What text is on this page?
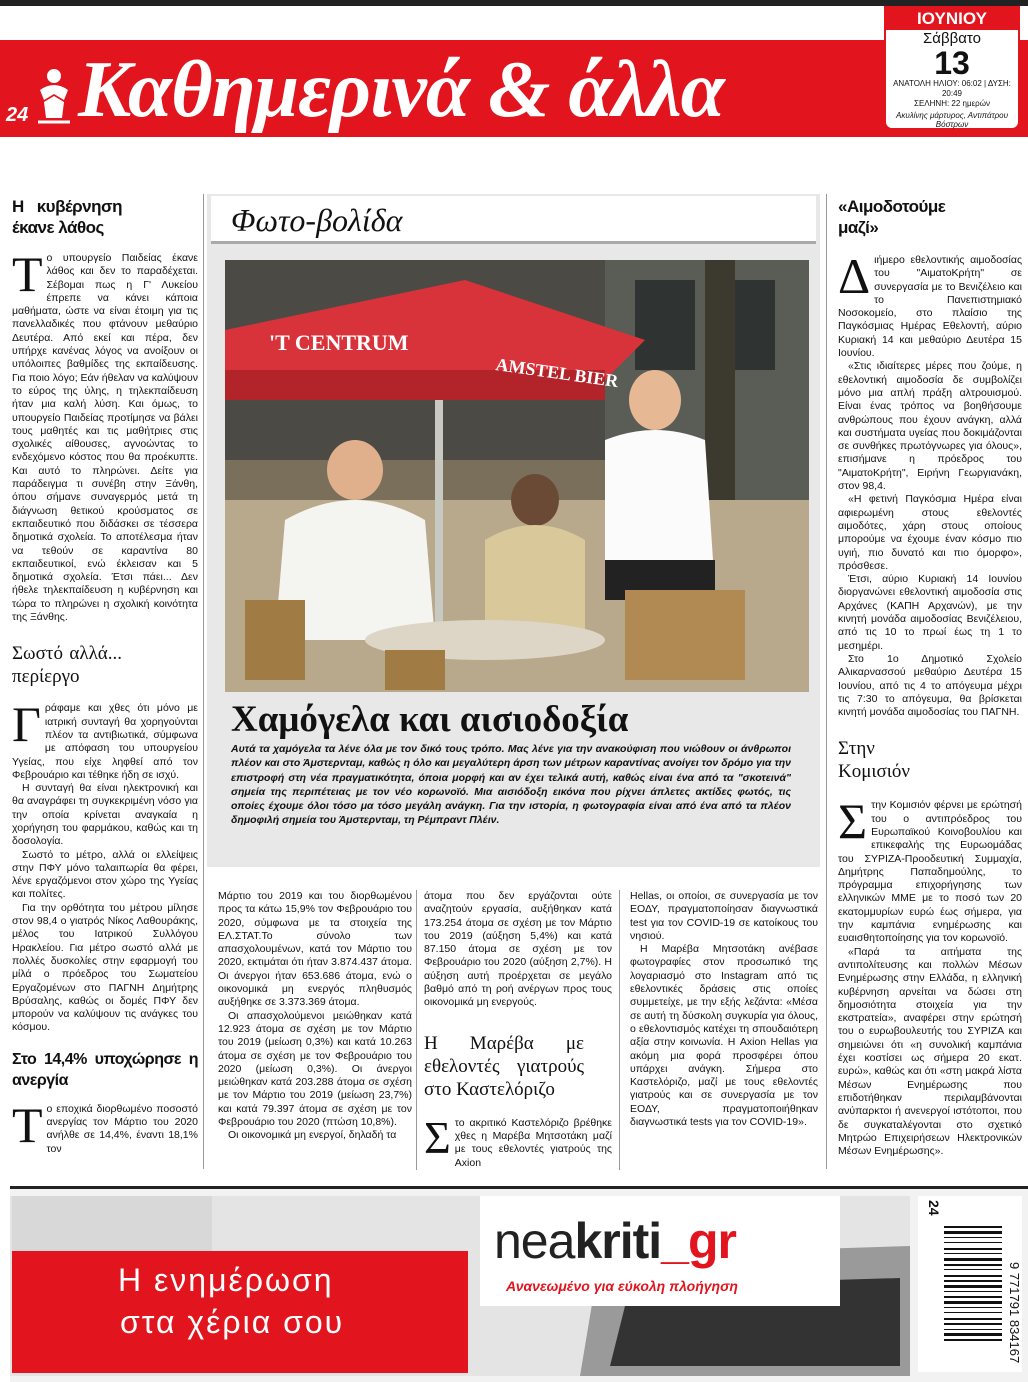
24 Καθημερινά & άλλα
ΙΟΥΝΙΟΥ
Σάββατο
13
ΑΝΑΤΟΛΗ ΗΛΙΟΥ: 06:02 | ΔΥΣΗ: 20:49
ΣΕΛΗΝΗ: 22 ημερών
Ακυλίνης μάρτυρος, Αντιπάτρου Βόστρων
Η κυβέρνηση έκανε λάθος
Τ ο υπουργείο Παιδείας έκανε λάθος και δεν το παραδέχεται. Σέβομαι πως η Γ' Λυκείου έπρεπε να κάνει κάποια μαθήματα, ώστε να είναι έτοιμη για τις πανελλαδικές που φτάνουν μεθαύριο Δευτέρα. Από εκεί και πέρα, δεν υπήρχε κανένας λόγος να ανοίξουν οι υπόλοιπες βαθμίδες της εκπαίδευσης. Για ποιο λόγο; Εάν ήθελαν να καλύψουν το εύρος της ύλης, η τηλεκπαίδευση ήταν μια καλή λύση. Και όμως, το υπουργείο Παιδείας προτίμησε να βάλει τους μαθητές και τις μαθήτριες στις σχολικές αίθουσες, αγνοώντας το ενδεχόμενο κόστος που θα προέκυπτε. Και αυτό το πληρώνει. Δείτε για παράδειγμα τι συνέβη στην Ξάνθη, όπου σήμανε συναγερμός μετά τη διάγνωση θετικού κρούσματος σε εκπαιδευτικό που διδάσκει σε τέσσερα δημοτικά σχολεία. Το αποτέλεσμα ήταν να τεθούν σε καραντίνα 80 εκπαιδευτικοί, ενώ έκλεισαν και 5 δημοτικά σχολεία. Έτσι πάει... Δεν ήθελε τηλεκπαίδευση η κυβέρνηση και τώρα το πληρώνει η σχολική κοινότητα της Ξάνθης.
Σωστό αλλά... περίεργο
Γ ράφαμε και χθες ότι μόνο με ιατρική συνταγή θα χορηγούνται πλέον τα αντιβιωτικά, σύμφωνα με απόφαση του υπουργείου Υγείας, που είχε ληφθεί από τον Φεβρουάριο και τέθηκε ήδη σε ισχύ.

Η συνταγή θα είναι ηλεκτρονική και θα αναγράφει τη συγκεκριμένη νόσο για την οποία κρίνεται αναγκαία η χορήγηση του φαρμάκου, καθώς και τη δοσολογία.

Σωστό το μέτρο, αλλά οι ελλείψεις στην ΠΦΥ μόνο ταλαιπωρία θα φέρει, λένε εργαζόμενοι στον χώρο της Υγείας και πολίτες.

Για την ορθότητα του μέτρου μίλησε στον 98,4 ο γιατρός Νίκος Λαθουράκης, μέλος του Ιατρικού Συλλόγου Ηρακλείου. Για μέτρο σωστό αλλά με πολλές δυσκολίες στην εφαρμογή του μίλά ο πρόεδρος του Σωματείου Εργαζομένων στο ΠΑΓΝΗ Δημήτρης Βρύσαλης, καθώς οι δομές ΠΦΥ δεν μπορούν να καλύψουν τις ανάγκες του κόσμου.

Στο 14,4% υποχώρησε η ανεργία
Τ ο εποχικά διορθωμένο ποσοστό ανεργίας τον Μάρτιο του 2020 ανήλθε σε 14,4%, έναντι 18,1% τον
Φωτο-βολίδα
'T CENTRUM
AMSTEL BIER
Χαμόγελα και αισιοδοξία
Αυτά τα χαμόγελα τα λένε όλα με τον δικό τους τρόπο. Μας λένε για την ανακούφιση που νιώθουν οι άνθρωποι πλέον και στο Άμστερνταμ, καθώς η όλο και μεγαλύτερη άρση των μέτρων καραντίνας ανοίγει τον δρόμο για την επιστροφή στη νέα πραγματικότητα, όποια μορφή και αν έχει τελικά αυτή, καθώς είναι ένα από τα "σκοτεινά" σημεία της περιπέτειας με τον νέο κορωνοϊό. Μια αισιόδοξη εικόνα που ρίχνει άπλετες ακτίδες φωτός, τις οποίες έχουμε όλοι τόσο μα τόσο μεγάλη ανάγκη. Για την ιστορία, η φωτογραφία είναι από ένα από τα πλέον δημοφιλή σημεία του Άμστερνταμ, τη Ρέμπραντ Πλέιν.
Μάρτιο του 2019 και του διορθωμένου προς τα κάτω 15,9% τον Φεβρουάριο του 2020, σύμφωνα με τα στοιχεία της ΕΛ.ΣΤΑΤ.Το σύνολο των απασχολουμένων, κατά τον Μάρτιο του 2020, εκτιμάται ότι ήταν 3.874.437 άτομα. Οι άνεργοι ήταν 653.686 άτομα, ενώ ο οικονομικά μη ενεργός πληθυσμός αυξήθηκε σε 3.373.369 άτομα.

Οι απασχολούμενοι μειώθηκαν κατά 12.923 άτομα σε σχέση με τον Μάρτιο του 2019 (μείωση 0,3%) και κατά 10.263 άτομα σε σχέση με τον Φεβρουάριο του 2020 (μείωση 0,3%). Οι άνεργοι μειώθηκαν κατά 203.288 άτομα σε σχέση με τον Μάρτιο του 2019 (μείωση 23,7%) και κατά 79.397 άτομα σε σχέση με τον Φεβρουάριο του 2020 (πτώση 10,8%).

Οι οικονομικά μη ενεργοί, δηλαδή τα

άτομα που δεν εργάζονται ούτε αναζητούν εργασία, αυξήθηκαν κατά 173.254 άτομα σε σχέση με τον Μάρτιο του 2019 (αύξηση 5,4%) και κατά 87.150 άτομα σε σχέση με τον Φεβρουάριο του 2020 (αύξηση 2,7%). Η αύξηση αυτή προέρχεται σε μεγάλο βαθμό από τη ροή ανέργων προς τους οικονομικά μη ενεργούς.
Η Μαρέβα με εθελοντές γιατρούς στο Καστελόριζο
Σ το ακριτικό Καστελόριζο βρέθηκε χθες η Μαρέβα Μητσοτάκη μαζί με τους εθελοντές γιατρούς της Axion
Hellas, οι οποίοι, σε συνεργασία με τον ΕΟΔΥ, πραγματοποίησαν διαγνωστικά test για τον COVID-19 σε κατοίκους του νησιού.

Η Μαρέβα Μητσοτάκη ανέβασε φωτογραφίες στον προσωπικό της λογαριασμό στο Instagram από τις εθελοντικές δράσεις στις οποίες συμμετείχε, με την εξής λεζάντα: «Μέσα σε αυτή τη δύσκολη συγκυρία για όλους, ο εθελοντισμός κατέχει τη σπουδαιότερη αξία στην κοινωνία. Η Axion Hellas για ακόμη μια φορά προσφέρει όπου υπάρχει ανάγκη. Σήμερα στο Καστελόριζο, μαζί με τους εθελοντές γιατρούς και σε συνεργασία με τον ΕΟΔΥ, πραγματοποιήθηκαν διαγνωστικά tests για τον COVID-19».

«Αιμοδοτούμε μαζί»
Δ ιήμερο εθελοντικής αιμοδοσίας του "ΑιματοΚρήτη" σε συνεργασία με το Βενιζέλειο και το Πανεπιστημιακό Νοσοκομείο, στο πλαίσιο της Παγκόσμιας Ημέρας Εθελοντή, αύριο Κυριακή 14 και μεθαύριο Δευτέρα 15 Ιουνίου.

«Στις ιδιαίτερες μέρες που ζούμε, η εθελοντική αιμοδοσία δε συμβολίζει μόνο μια απλή πράξη αλτρουισμού. Είναι ένας τρόπος να βοηθήσουμε ανθρώπους που έχουν ανάγκη, αλλά και συστήματα υγείας που δοκιμάζονται σε συνθήκες πρωτόγνωρες για όλους», επισήμανε η πρόεδρος του "ΑιματοΚρήτη", Ειρήνη Γεωργιανάκη, στον 98,4.

«Η φετινή Παγκόσμια Ημέρα είναι αφιερωμένη στους εθελοντές αιμοδότες, χάρη στους οποίους μπορούμε να έχουμε έναν κόσμο πιο υγιή, πιο δυνατό και πιο όμορφο», πρόσθεσε.

Έτσι, αύριο Κυριακή 14 Ιουνίου διοργανώνει εθελοντική αιμοδοσία στις Αρχάνες (ΚΑΠΗ Αρχανών), με την κινητή μονάδα αιμοδοσίας Βενιζέλειου, από τις 10 το πρωί έως τη 1 το μεσημέρι.

Στο 1ο Δημοτικό Σχολείο Αλικαρνασσού μεθαύριο Δευτέρα 15 Ιουνίου, από τις 4 το απόγευμα μέχρι τις 7:30 το απόγευμα, θα βρίσκεται κινητή μονάδα αιμοδοσίας του ΠΑΓΝΗ.

Στην Κομισιόν
Σ την Κομισιόν φέρνει με ερώτησή του ο αντιπρόεδρος του Ευρωπαϊκού Κοινοβουλίου και επικεφαλής της Ευρωομάδας του ΣΥΡΙΖΑ-Προοδευτική Συμμαχία, Δημήτρης Παπαδημούλης, το πρόγραμμα επιχορήγησης των ελληνικών ΜΜΕ με το ποσό των 20 εκατομμυρίων ευρώ έως σήμερα, για την καμπάνια ενημέρωσης και ευαισθητοποίησης για τον κορωνοϊό.

«Παρά τα αιτήματα της αντιπολίτευσης και πολλών Μέσων Ενημέρωσης στην Ελλάδα, η ελληνική κυβέρνηση αρνείται να δώσει στη δημοσιότητα στοιχεία για την εκστρατεία», αναφέρει στην ερώτησή του ο ευρωβουλευτής του ΣΥΡΙΖΑ και σημειώνει ότι «η συνολική καμπάνια έχει κοστίσει ως σήμερα 20 εκατ. ευρώ», καθώς και ότι «στη μακρά λίστα Μέσων Ενημέρωσης που επιδοτήθηκαν περιλαμβάνονται ανύπαρκτοι ή ανενεργοί ιστότοποι, που δε συγκαταλέγονται στο σχετικό Μητρώο Επιχειρήσεων Ηλεκτρονικών Μέσων Ενημέρωσης».

Η ενημέρωση
στα χέρια σου
neakriti_gr
Ανανεωμένο για εύκολη πλοήγηση
24
9 771791 834167
